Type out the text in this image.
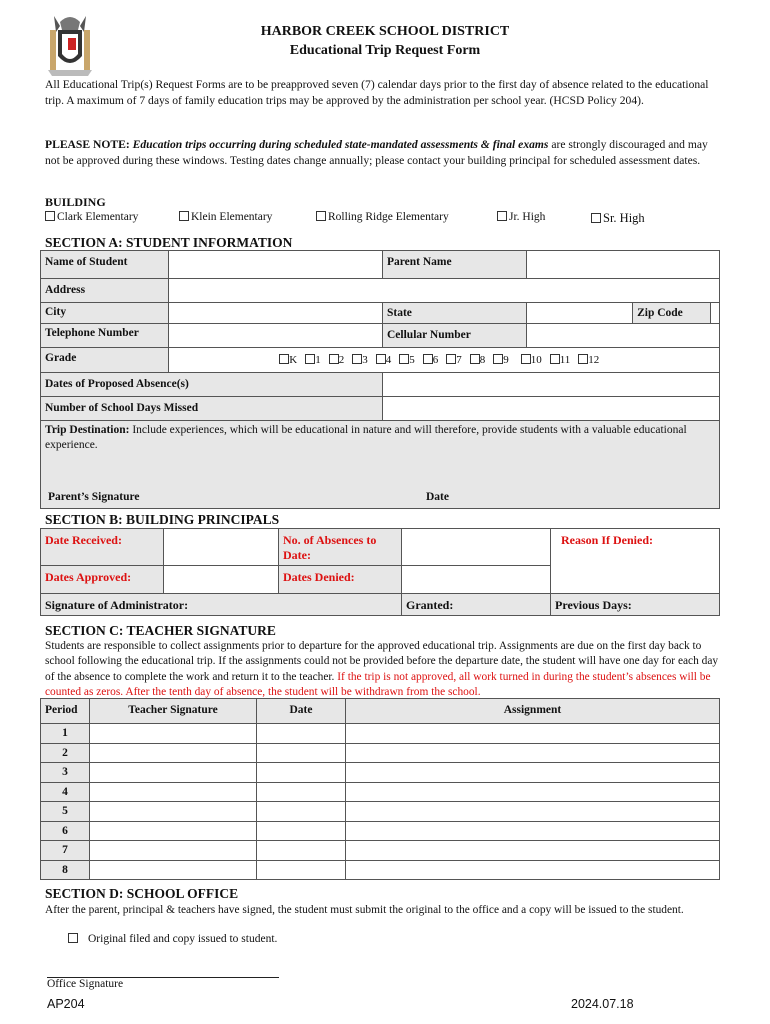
HARBOR CREEK SCHOOL DISTRICT
Educational Trip Request Form
All Educational Trip(s) Request Forms are to be preapproved seven (7) calendar days prior to the first day of absence related to the educational trip. A maximum of 7 days of family education trips may be approved by the administration per school year. (HCSD Policy 204).
PLEASE NOTE: Education trips occurring during scheduled state-mandated assessments & final exams are strongly discouraged and may not be approved during these windows. Testing dates change annually; please contact your building principal for scheduled assessment dates.
BUILDING
Clark Elementary	Klein Elementary	Rolling Ridge Elementary	Jr. High	Sr. High
SECTION A: STUDENT INFORMATION
Name of Student		Parent Name			
Address					
City		State		Zip Code	
Telephone Number		Cellular Number			
Grade	K 1 2 3 4 5 6 7 8 9 10 11 12				

Dates of Proposed Absence(s)					
Number of School Days Missed					
Trip Destination: Include experiences, which will be educational in nature and will therefore, provide students with a valuable educational experience.
Parent’s Signature Date					
SECTION B: BUILDING PRINCIPALS
Date Received:		No. of Absences to Date:		Reason If Denied:
Dates Approved:		Dates Denied:		
Signature of Administrator:			Granted:	Previous Days:
SECTION C: TEACHER SIGNATURE
Students are responsible to collect assignments prior to departure for the approved educational trip. Assignments are due on the first day back to school following the educational trip. If the assignments could not be provided before the departure date, the student will have one day for each day of the absence to complete the work and return it to the teacher. If the trip is not approved, all work turned in during the student’s absences will be counted as zeros. After the tenth day of absence, the student will be withdrawn from the school.
Period	Teacher Signature	Date	Assignment
1			
2			
3			
4			
5			
6			
7			
8			
SECTION D: SCHOOL OFFICE
After the parent, principal & teachers have signed, the student must submit the original to the office and a copy will be issued to the student.
Original filed and copy issued to student.
Office Signature
AP204	2024.07.18
